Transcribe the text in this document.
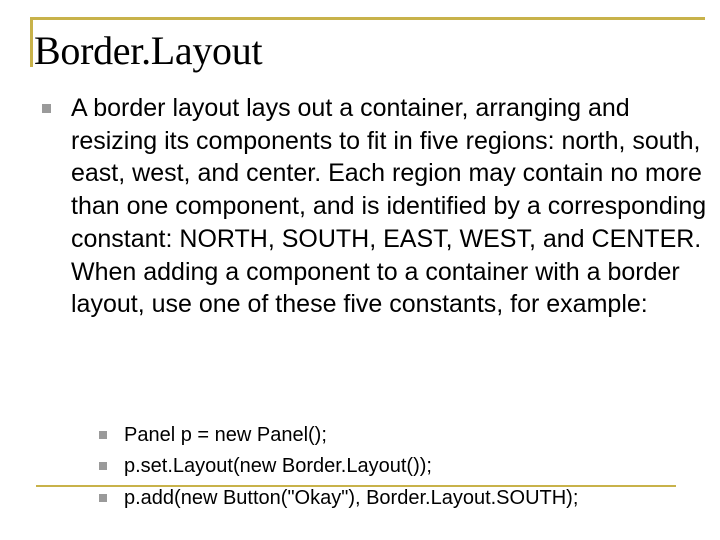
Border.Layout
A border layout lays out a container, arranging and resizing its components to fit in five regions: north, south, east, west, and center. Each region may contain no more than one component, and is identified by a corresponding constant: NORTH, SOUTH, EAST, WEST, and CENTER. When adding a component to a container with a border layout, use one of these five constants, for example:
Panel p = new Panel();
p.set.Layout(new Border.Layout());
p.add(new Button("Okay"), Border.Layout.SOUTH);
